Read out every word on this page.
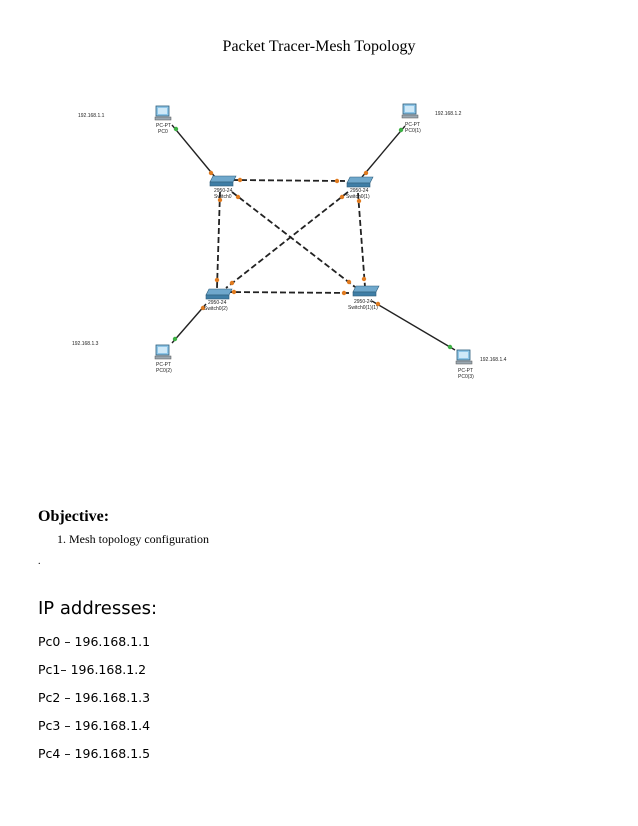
Packet Tracer-Mesh Topology
192.168.1.1
PC-PT
PC0
192.168.1.2
PC-PT
PC0(1)
192.168.1.3
PC-PT
PC0(2)
192.168.1.4
PC-PT
PC0(3)
2950-24
Switch0
2950-24
Switch0(1)
2950-24
Switch0(2)
2950-24
Switch0(1)(1)
Objective:
1. Mesh topology configuration
.
IP addresses:
Pc0 – 196.168.1.1
Pc1– 196.168.1.2
Pc2 – 196.168.1.3
Pc3 – 196.168.1.4
Pc4 – 196.168.1.5
